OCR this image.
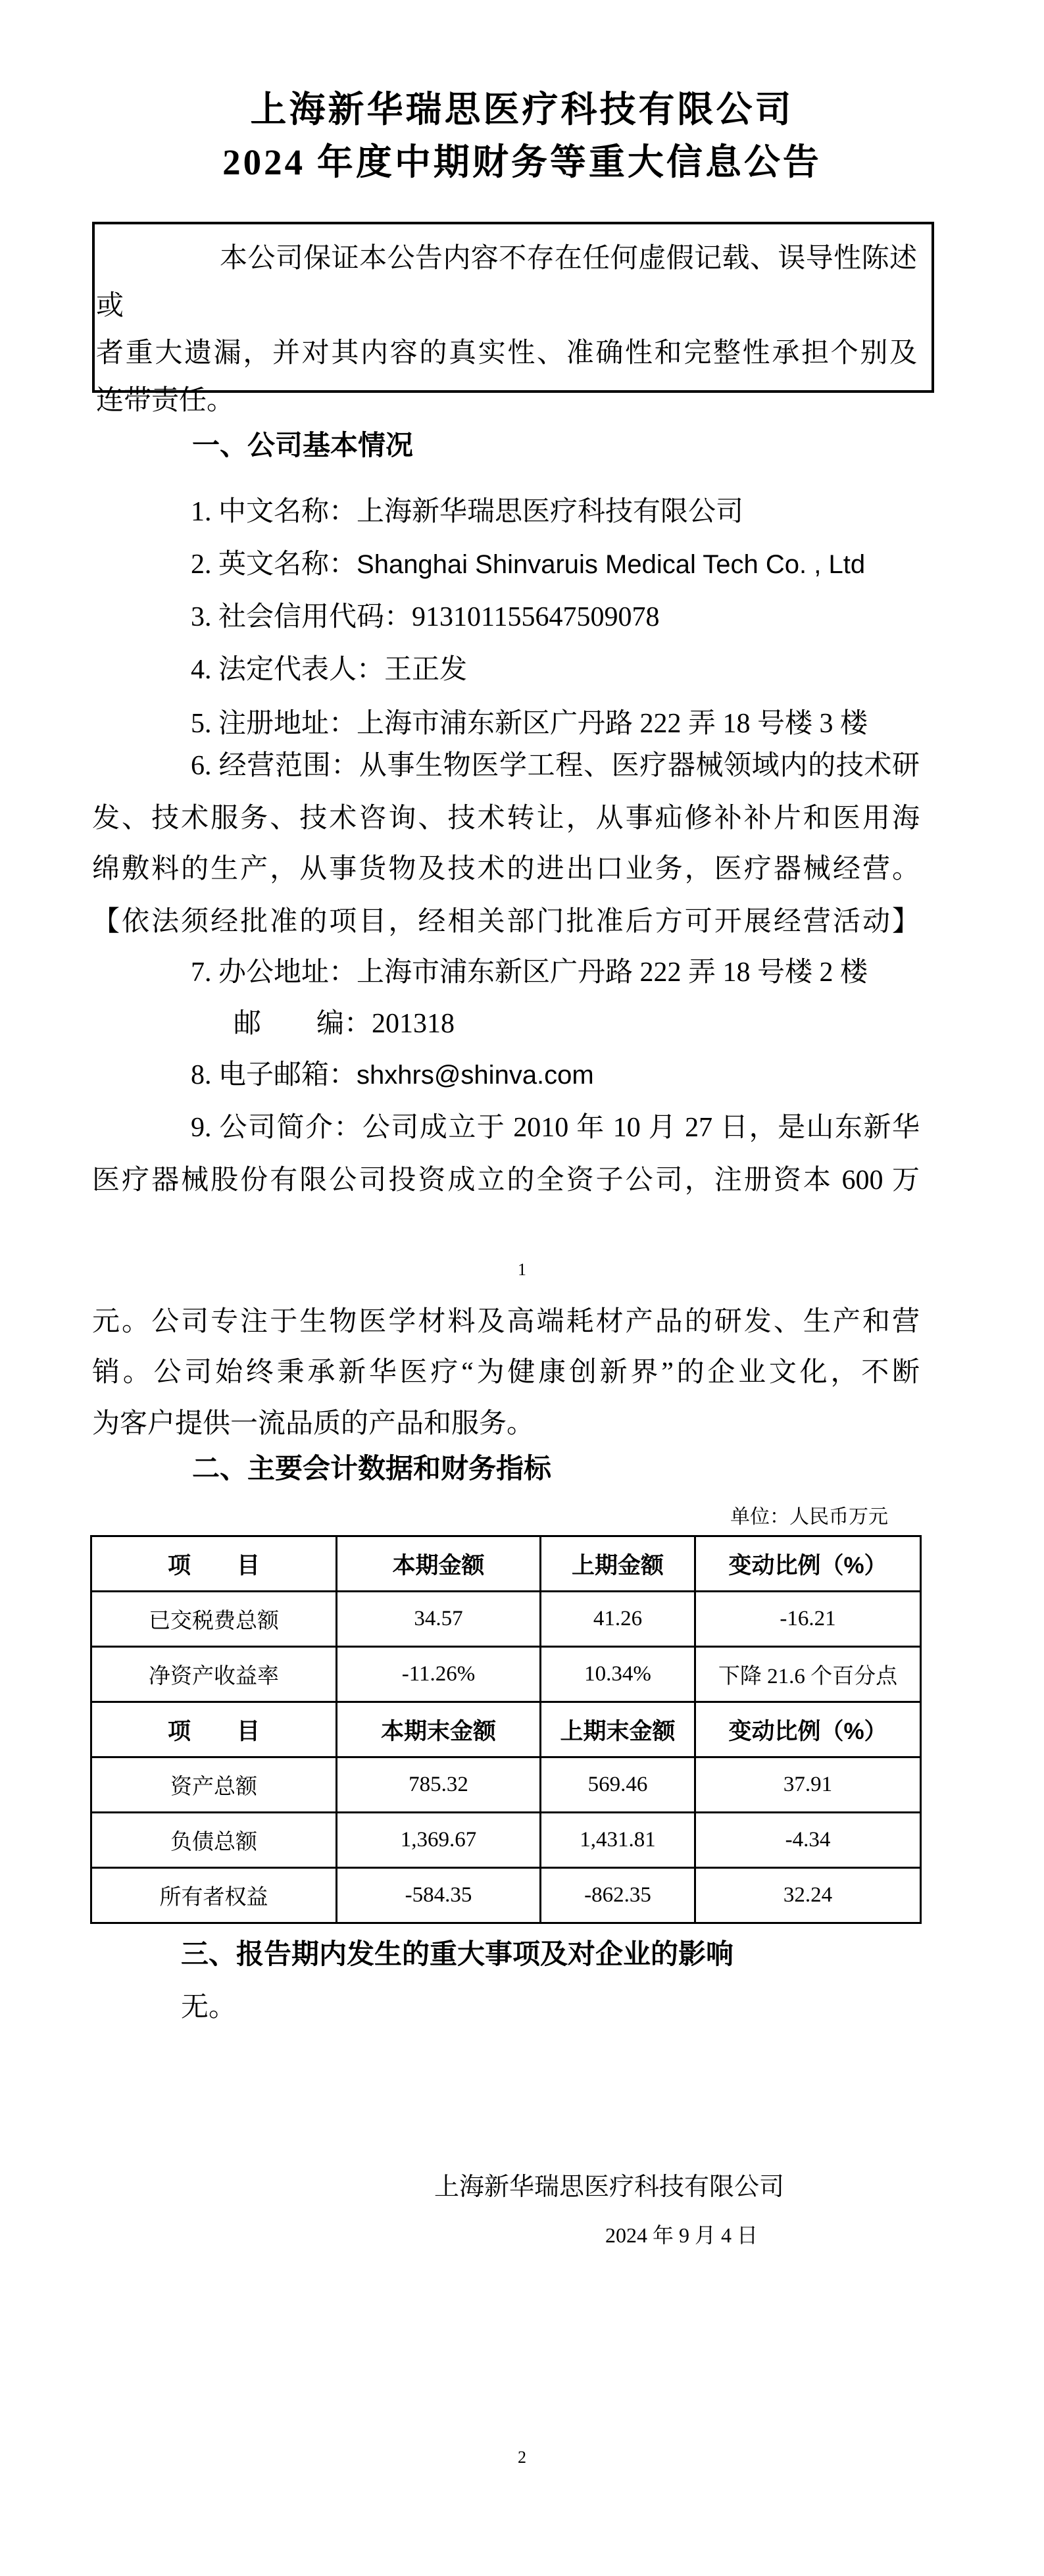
上海新华瑞思医疗科技有限公司
2024 年度中期财务等重大信息公告
本公司保证本公告内容不存在任何虚假记载、误导性陈述或
者重大遗漏，并对其内容的真实性、准确性和完整性承担个别及
连带责任。
一、公司基本情况
1. 中文名称：上海新华瑞思医疗科技有限公司
2. 英文名称：Shanghai Shinvaruis Medical Tech Co. , Ltd
3. 社会信用代码：913101155647509078
4. 法定代表人：王正发
5. 注册地址：上海市浦东新区广丹路 222 弄 18 号楼 3 楼
6. 经营范围：从事生物医学工程、医疗器械领域内的技术研
发、技术服务、技术咨询、技术转让，从事疝修补补片和医用海
绵敷料的生产，从事货物及技术的进出口业务，医疗器械经营。
【依法须经批准的项目，经相关部门批准后方可开展经营活动】
7. 办公地址：上海市浦东新区广丹路 222 弄 18 号楼 2 楼
邮　　编：201318
8. 电子邮箱：shxhrs@shinva.com
9. 公司简介：公司成立于 2010 年 10 月 27 日，是山东新华
医疗器械股份有限公司投资成立的全资子公司，注册资本 600 万
1
元。公司专注于生物医学材料及高端耗材产品的研发、生产和营
销。公司始终秉承新华医疗“为健康创新界”的企业文化，不断
为客户提供一流品质的产品和服务。
二、主要会计数据和财务指标
单位：人民币万元
项　　目	本期金额	上期金额	变动比例（%）
已交税费总额	34.57	41.26	-16.21
净资产收益率	-11.26%	10.34%	下降 21.6 个百分点
项　　目	本期末金额	上期末金额	变动比例（%）
资产总额	785.32	569.46	37.91
负债总额	1,369.67	1,431.81	-4.34
所有者权益	-584.35	-862.35	32.24
三、报告期内发生的重大事项及对企业的影响
无。
上海新华瑞思医疗科技有限公司
2024 年 9 月 4 日
2
